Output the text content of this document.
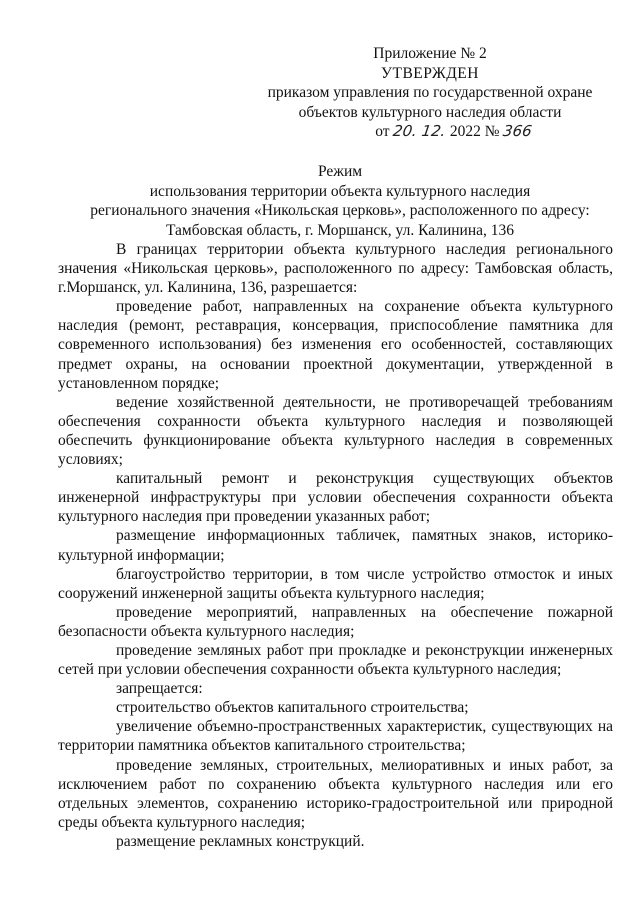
Приложение № 2
УТВЕРЖДЕН
приказом управления по государственной охране
объектов культурного наследия области
от 20. 12. 2022 № 366
Режим
использования территории объекта культурного наследия
регионального значения «Никольская церковь», расположенного по адресу:
Тамбовская область, г. Моршанск, ул. Калинина, 136

В границах территории объекта культурного наследия регионального значения «Никольская церковь», расположенного по адресу: Тамбовская область, г.Моршанск, ул. Калинина, 136, разрешается:

проведение работ, направленных на сохранение объекта культурного наследия (ремонт, реставрация, консервация, приспособление памятника для современного использования) без изменения его особенностей, составляющих предмет охраны, на основании проектной документации, утвержденной в установленном порядке;

ведение хозяйственной деятельности, не противоречащей требованиям обеспечения сохранности объекта культурного наследия и позволяющей обеспечить функционирование объекта культурного наследия в современных условиях;

капитальный ремонт и реконструкция существующих объектов инженерной инфраструктуры при условии обеспечения сохранности объекта культурного наследия при проведении указанных работ;

размещение информационных табличек, памятных знаков, историко-культурной информации;

благоустройство территории, в том числе устройство отмосток и иных сооружений инженерной защиты объекта культурного наследия;

проведение мероприятий, направленных на обеспечение пожарной безопасности объекта культурного наследия;

проведение земляных работ при прокладке и реконструкции инженерных сетей при условии обеспечения сохранности объекта культурного наследия;

запрещается:

строительство объектов капитального строительства;

увеличение объемно-пространственных характеристик, существующих на территории памятника объектов капитального строительства;

проведение земляных, строительных, мелиоративных и иных работ, за исключением работ по сохранению объекта культурного наследия или его отдельных элементов, сохранению историко-градостроительной или природной среды объекта культурного наследия;

размещение рекламных конструкций.
